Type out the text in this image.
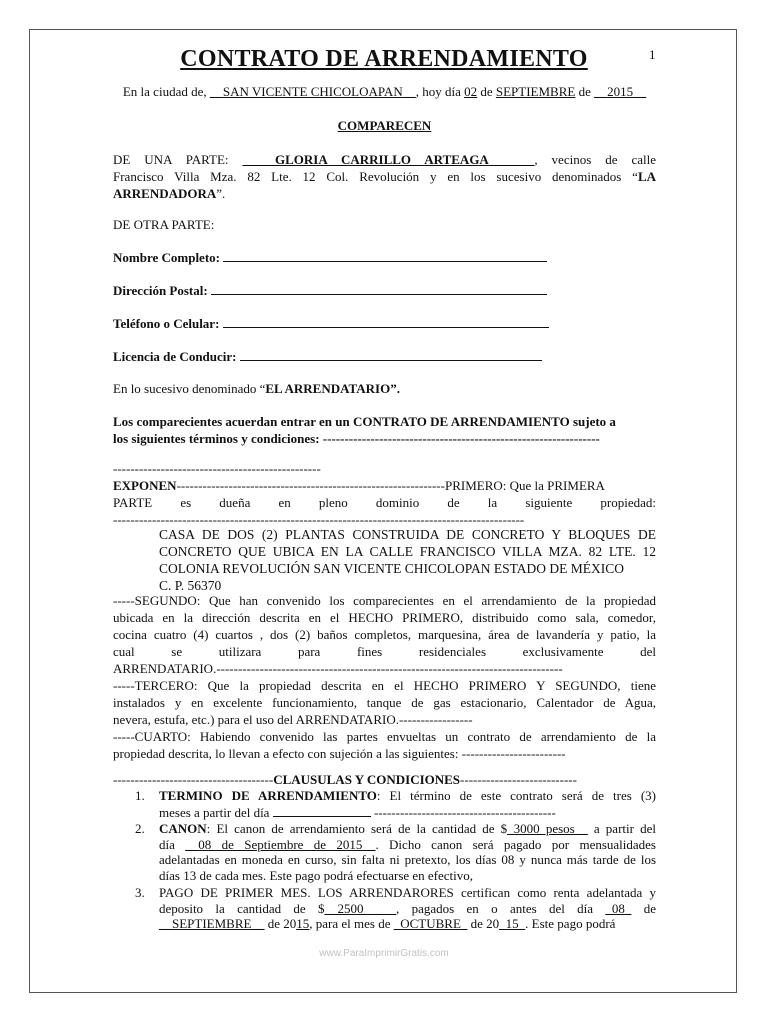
1
CONTRATO DE ARRENDAMIENTO
En la ciudad de, __SAN VICENTE CHICOLOAPAN__, hoy día 02 de SEPTIEMBRE de __2015__
COMPARECEN
DE UNA PARTE: _____GLORIA CARRILLO ARTEAGA_______, vecinos de calle
Francisco Villa Mza. 82 Lte. 12 Col. Revolución y en los sucesivo denominados “LA
ARRENDADORA”.
DE OTRA PARTE:
Nombre Completo:
Dirección Postal:
Teléfono o Celular:
Licencia de Conducir:
En lo sucesivo denominado “EL ARRENDATARIO”.
Los comparecientes acuerdan entrar en un CONTRATO DE ARRENDAMIENTO sujeto a
los siguientes términos y condiciones: ----------------------------------------------------------------
------------------------------------------------
EXPONEN--------------------------------------------------------------PRIMERO: Que la PRIMERA
PARTE es dueña en pleno dominio de la siguiente propiedad:
-----------------------------------------------------------------------------------------------
CASA DE DOS (2) PLANTAS CONSTRUIDA DE CONCRETO Y BLOQUES DE
CONCRETO QUE UBICA EN LA CALLE FRANCISCO VILLA MZA. 82 LTE. 12
COLONIA REVOLUCIÓN SAN VICENTE CHICOLOPAN ESTADO DE MÉXICO
C. P. 56370
-----SEGUNDO: Que han convenido los comparecientes en el arrendamiento de la propiedad
ubicada en la dirección descrita en el HECHO PRIMERO, distribuido como sala, comedor,
cocina cuatro (4) cuartos , dos (2) baños completos, marquesina, área de lavandería y patio, la
cual se utilizara para fines residenciales exclusivamente del
ARRENDATARIO.--------------------------------------------------------------------------------
-----TERCERO: Que la propiedad descrita en el HECHO PRIMERO Y SEGUNDO, tiene
instalados y en excelente funcionamiento, tanque de gas estacionario, Calentador de Agua,
nevera, estufa, etc.) para el uso del ARRENDATARIO.-----------------
-----CUARTO: Habiendo convenido las partes envueltas un contrato de arrendamiento de la
propiedad descrita, lo llevan a efecto con sujeción a las siguientes: ------------------------
-------------------------------------CLAUSULAS Y CONDICIONES---------------------------
1. TERMINO DE ARRENDAMIENTO: El término de este contrato será de tres (3)
meses a partir del día	------------------------------------------
2. CANON: El canon de arrendamiento será de la cantidad de $_3000 pesos__ a partir del
día __08 de Septiembre de 2015__. Dicho canon será pagado por mensualidades
adelantadas en moneda en curso, sin falta ni pretexto, los días 08 y nunca más tarde de los
días 13 de cada mes. Este pago podrá efectuarse en efectivo,
3. PAGO DE PRIMER MES. LOS ARRENDARORES certifican como renta adelantada y
deposito la cantidad de $__2500_____, pagados en o antes del día _08_ de
__SEPTIEMBRE__ de 2015, para el mes de _OCTUBRE_ de 20_15_. Este pago podrá
www.ParaImprimirGratis.com
